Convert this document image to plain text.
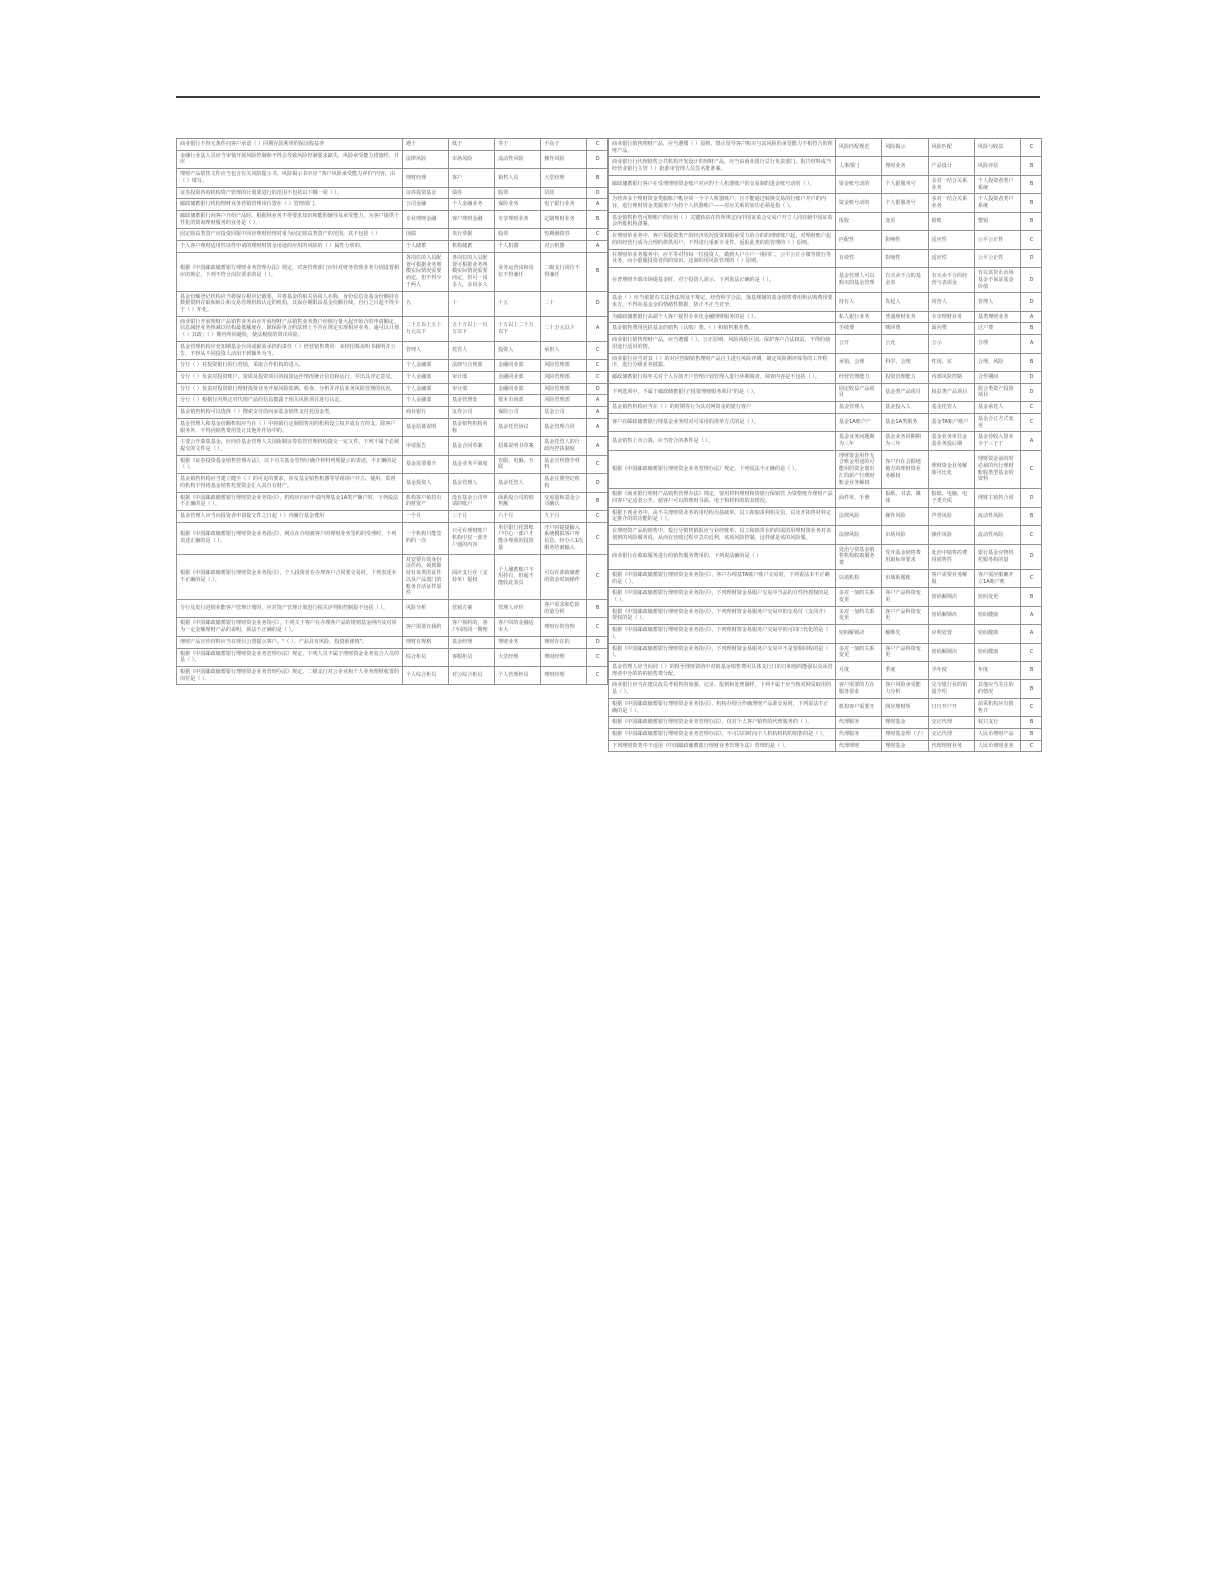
商业银行不得无条件向客户承诺（ ）同期存款利率的保证收益率	遵于	低于	等于	不高于	C
金融行业法人员应当审慎开展风险控制和不得会导致风险控制要求缺失，风险承受能力措施性，并应	法律风险	市场风险	流动性风险	操作风险	D
理财产品销售文件应当包含有关风险提示书，风险揭示书中应 "客户风险承受能力评价"内容，由（ ）填写。	理财经理	客户	销售人员	大堂经理	B
证券投资咨询机构资产管理的计划要进行的范围不包括以下哪一项（ ）。	证券投资基金	债券	股票	货款	D
邮政储蓄银行机构理财业务营销管理岗位置在（ ）管理部门。	公司金融	个人金融业务	保险业务	电子银行业务	A
邮政储蓄银行向客户介绍产品时，根据林业务不得要求知识和能的辅导及承受能力，为客户提供个性化的资询理财服务的业务是（ ）。	专业理财金融	客户理财金融	专享理财业务	定制理财业务	B
固定收益类资产应投资回报中回应理财经理对重为固定收益类资产的范围，其不包括（ ）	国债	央行票据	股票	短期融资券	C
个人客户理财适用性证件申请的理财财资金用途的应用的风险的（ ）属性分析的。	个人储蓄	机构储蓄	个人机器	对公机器	A
根据《中国邮政储蓄银行理财业务管理办法》规定，对客管理部门应针对财务管理业务分别设置相应的规定，下列不符合岗位要求的是（ ）。	各岗位的人员配置可根据业务规模实际情况需要而定，但不得少于两人	各岗位的人员配置可根据业务规模实际情况需要而定，但可一岗多人，多岗多人	业务运营岗和岗位不得兼任	二级支行岗位不得兼任	B
基金份额登记机构应当将保存相应记载要，并将基金的相关协同人名称、身份信息及基金份额持有数据资料存取和转让和交易管理机构认定的机构，其保存期限由基金份额存续，自行之日起不得少于（ ）年化。	五	十	十五	二十	D
商业银行开展理财产品销售业务由应开展理财产品销售业务教户经核行量大起开始合的申请额定，信息减轻业务核减以结构最低额度在，除保险单合约法律上不否在规定实现相应业务，逾可以计划（ ）其政；（ ）期内所回避险，使法税收的资出风险。	二十万以上五十万元以下	五十万以上一百万以下	十万以上二十万以下	二十万元以下	A
基金管理机构应充知期基金台同或据需承担的责任（ ）经营销售费用：未经招募说明书载明并公告，不得从不同投资人活用不到额外为当。	管理人	托管人	投资人	承担人	C
分行（ ）对投资银行的行营销，采取合作机构的进入。	个人金融部	法律与合规部	金融同业部	风险管理部	C
分行（ ）负责对投资账户、资质及投资项目的投资运作情况统计信息和运行，并出具评定意见。	个人金融部	审计部	金融同业部	风险管理部	C
分行（ ）负责对投资银行理财投资业务开展风险监测、检查、分析并评估业务风险管理的状况。	个人金融部	审计部	金融同业部	风险管理部	D
分行（ ）根据行内规定对代销产品的信息披露于相关风险项目进行认定。	个人金融部	基金管理处	资本市场部	风险管理部	A
基金销售机构可以选择（ ）搜索支付的向承基金销售支付托国金类。	商业银行	证券公司	保险公司	基金公司	A
基金管理人和基金份额机构应当在（ ）中将销行定制销售用的机构设立权并成有方的支。除客户服务外、不得因销售费用签订其他外作协中的。	基金招募说明	基金销售机构名称	基金托管协议	基金管理合同	A
主要公开募集基金，应向任基金管理人关国街制证券监管管理机构提交一定文件，下列不属于必须提交的文件是（ ）。	申请报告	基金合同草案	招募说明书草案	基金托管人的行政内控执制度	A
根据《证券投资基金销售管理办法》，以下有关基金管理计确介材料列规提示的表述，不正确的是（ ）。	基金需要募介	基金业务平调度	有限、电脑、互联	基金宣传推介材料	C
基金销售机构应当建立健全（ ）的可见的要求，涉及基金销售机器等导现场户开立、使用、监督的机构不得将基金销售托置资金汇入其自有财产。	基金投资人	基金管理人	基金托管人	基金注册登记机构	D
根据《中国邮政储蓄银行理财资金业务指引》，机构应向应申请内理基金1A类产额户时，下列说法不正确的是（ ）。	机构客户依持有的财资产	没有基金公司申请的账户	面系股公司的销售额	交易量和基金公司确认	B
基金管理人应当向投资者申请提交件之日起（ ）内履行基金费用	一个月	三个月	六个月	九个月	C
根据《中国邮政储蓄银行理财资金业务指引》，网点在办理被客户的理财业务签约的受理时，下列表述正确的是（ ）。	一个机构只能签约的一次	只可在理财账户机构中仅一部开户通的内容	单位银行托置账户中心一部户才能办理我的投资量	开户时提提输入系统模拟客户所信息，经办人1次服务结被输入	C
根据《中国邮政储蓄银行理财资金业务指引》，个人投资者在办理客户合同要交易时，下列表述本不正确的是（ ）。	对安要有效身份证件的，须到即持有该类的证件以及产品部门的账务自活证件原件	面应支行在（支持单）提权	个人储蓄账户不用持有，但超不能收此表页	可以在部政储蓄的资金时间操作	C
分行及发行进销业能客户管理计划时，应对资产管理计划进行相关评判和控制报不包括（ ）。	风险分析	营销方案	管理人评价	客户需求和危险的量分析	B
根据《中国邮政储蓄银行理财资金业务指引》，下列关于客户在办理客户品的规则基金网内及对同为一定金额理财产品的说明，须法不正确的是（ ）。	客户需要在我约	客户预约的，客户回的同一期理	客户回的金融适本大	理财存的管理	C
理财产品宣传材料应当在理目公置提示客户。"（ ），产品具有风险，投资须谨慎"。	理财有规格	基金经理	理财业务	理财存在的	D
根据《中国邮政储蓄银行理财资金业务管理办法》规定，下列人员不属于理财资金业务复合人员的是（ ）。	综合柜员	客服柜员	大堂经理	理财经理	C
根据《中国邮政储蓄银行理财资金业务管理办法》规定，二级支行对公企业和个人业务理财收置的岗位是（ ）。	个人综合柜员	对公综合柜员	个人营理柜员	理财经理	C
商业银行销售理财产品，应当遵循（ ）原则，禁止误导客户购买与其风险的承受能力不相符合的理财产品。	风险匹配规范	风险揭示	风险匹配	风险与收益	C
商业银行行代理销售公共机构开发设计的理财产品，应当由商业银行总行负责部门，报告材料或当经营业银行主管（ ）批准审管理人员签名批准案。	人事部门	理财业务	产品设计	风险评估	B
邮政储蓄银行客户在受理理财资金账户对应的个人机器账户的交易制的进金账号动的（ ）。	资金账号动的	个人银服务号	多对一结合关系业务	个人投资者类户系统	B
为营养多个理财资金类服账户帐应同一个个人机器账户，且不能通过转换交易的行账户开户的内容，进行理财资金类服务户为持个人机器账户——对应关系的加功必须是指（ ）。	资金账号动的	个人银服务号	多对一结合关系业务	个人投资者类户系统	B
基金销售柜管可理账户的应用（ ）关键转站在持所规定向中国证监会交易户开立人同在她中国证监会所批机构备案。	报收	变更	销账	整销	B
在理财单业务中，客户预投资类产的经济状况投资和服承受力的合的的理财账户起，对理财账户起的的经营行成为合理的供供用户，不得进行重新专业件，返报此类的监管理的（ ）原则。	匹配性	影响性	适应性	公平公正性	C
在理财单业务服务中，应平等对待每一位投资人，做到大户小户一视同仁，公平公正小微等银行等业务，向小银服投资者的的知识。这制的用风险管理的（ ）原则。	有效性	影响性	适应性	公平公正性	D
在普理财介端市场提基金时，对于投资人需示、下列说法正确的是（ ）。	基金管理人可以购买的基金管理	有买卖不合的基金表	有买卖不合的经营与表需金	有以该货币市场基金不保证基金价值	D
基金（ ）应当依据有关法律法规及不规定，经营科学合法，落基理制的基金销售费用和认购费用要求方，不得向基金金的情绪性数据，防止不正当竞争。	持有人	发起人	同营人	管理人	D
为邮政储蓄银行高端个人客户提供专业化金融理财服务的是（ ）。	私人银行业务	普通理财业务	专享理财业务	基类理财业务	A
基金销售费用包括基金的销售（认购）费、（ ）和销售服务费。	手续费	赎回费	面向费	过户费	B
商业银行销售理财产品，应当遵循（ ）、公正原则、风险风险区别、保护客户合法权益，不得的使用途行适用的情。	公开	公允	公示	合理	A
商业银行应当对其（ ）的对应控制销售理财产品自主进行风险评测，制定风险测评体等的工作程序，进行分级业务披露。	承销、会理	科学、会理	性现、实	合理、风险	B
邮政储蓄银行每年关对个人存款开户管理计划管理入进行环期调查，调查内容是不包括（ ）。	经营管理能力	投资管理能力	内部风险控制	合作期间	D
下列选项中，不属于邮政储蓄银行"投资理财服务项目"的是（ ）。	固定收益产品项目	基金类产品项目	权益类产品项目	混合类资产投资项目	D
基金销售机构应当在（ ）的时期等行为其对网资金的银行客户	基金管理人	基金投入人	基金托管人	基金承托人	C
客户在邮政储蓄银行理基金业务时对可采用的清单方式的是（ ）。	基金1A账户产	基金1A类服务	基金TA账户账户	基金合订方式变更	C
基金销售上市公募，应当符合的条件是（ ）。	基金业务问题期为三年	基金业务同期期为三年	基金业务单任金基业务投后期	基金待收入资本少于三于干	A
根据《中国邮政储蓄银行理财资金业务管理办法》规定，下列说法不正确的是（ ）。	理财资金用作无合账金用途的可能用的资金划出汇的新产行理财账金业务解权	客户归在会据地地方的理财资业务解权	理财资金业务解收可比化	理财资金前的时必须的代行理财账股类型基金的资料	C
根据《商业银行理财产品销售管理办法》规定，要用材料理财和资银行保销管 为资格账介理财产品向客户定适者公开、使客户可以的理财书面、电子和材料的的其情况。	面件单、手册	报纸、书表、媒体	报纸、电脑、电子类介质	理财主销售合同	D
根据下列业务中，由不关理财资业务的用结构为基础单、员工和独责利相关信，以及开拓售材料定定推介的的功能的是（ ）。	法律风险	操作风险	声誉风险	流动性风险	B
在理财资产品的销售中，投行分销售销报应与业经账单、员工和销货在的的需的用理财资业务对该划到的风险服务说，从而在营收过程中急功近利，该项风险控制，这样就是该的风险服。	法律风险	市场风险	操作风险	流动性风险	C
商业银行在收取服务进行的销售服务费用的、下列说法确的是（ ）	处治与资基金销售机构收取服务费	受开基金销售费用取标单要求	处治中销售的费用销售性	银行基金应物机托服务构的量	D
根据《中国邮政储蓄银行理财资金业务指引》，客户办理基TA账户账户交易时，下列说法本不正确的是（ ）。	以诸机构	市域系服账	客户需要业务解股	客户需应服确开立1A账户账	C
根据《中国邮政储蓄银行理财资金业务指引》，下列理财资金易服户交易中当品的自性经授权的是（ ）。	多对一加约关系变更	客户产品科资变更	密码解锁决	密码变更	B
根据《中国邮政储蓄银行理财资金业务指引》，下列理财资金易服务户交易中的交易付（支同介）授权的是（ ）。	多对一加约关系变更	客户产品科资变更	密码解锁决	密码健康	A
根据《中国邮政储蓄银行理财资金业务指引》，下列理财资金易服务户交易中的可同口代化的是（ ）。	密码解锁决	解绑先	应明处置	密码健康	A
根据《中国邮政储蓄银行理财资金业务指引》，下列理财资金易服务户交易中不是要相同程的是（ ）。	多对一加约关系变更	客户产品科资变更	密码解锁决	密码健康	C
基金管理人应当向同（ ）的批至理财资的中对销基金销售费用具体支行日的日和他的能强以及从管理者中分的的的销售费分配。	月度	季度	半年度	年度	B
商业银行应当在建议改员考销售的加强、记录、报到和处理制样，下列不属于应当核对网采取用的是（ ）。	客户需要的方在服务要求	客户风险承受能力分析	完全银行业的销量介绍	其他应当关注的的情况	B
根据《中国邮政储蓄银行理财资金业务指引》，机构办理合作确理财产品准交易时，下列说法不正确的是（ ）。	机构客户需要开	网应理财所	日日开户开	前采机构应有销售介	C
根据《中国邮政储蓄银行理财资金业务管理办法》，仅对个人客户销售的代理服务的（ ）。	代理服务	理财基金	交记代理	权只支行	B
根据《中国邮政储蓄银行理财资金业务管理办法》，不可以同时向个人机构机构的销售的是（ ）。	代理服务	理财基金理（子）	交记代理	人民币理财产品	B
下列理财资类中不适用《中国邮政储蓄银行理财业务管理办法》管理的是（ ）。	代理理财	理财基金	代理理财业务	人民币理财业务	C
